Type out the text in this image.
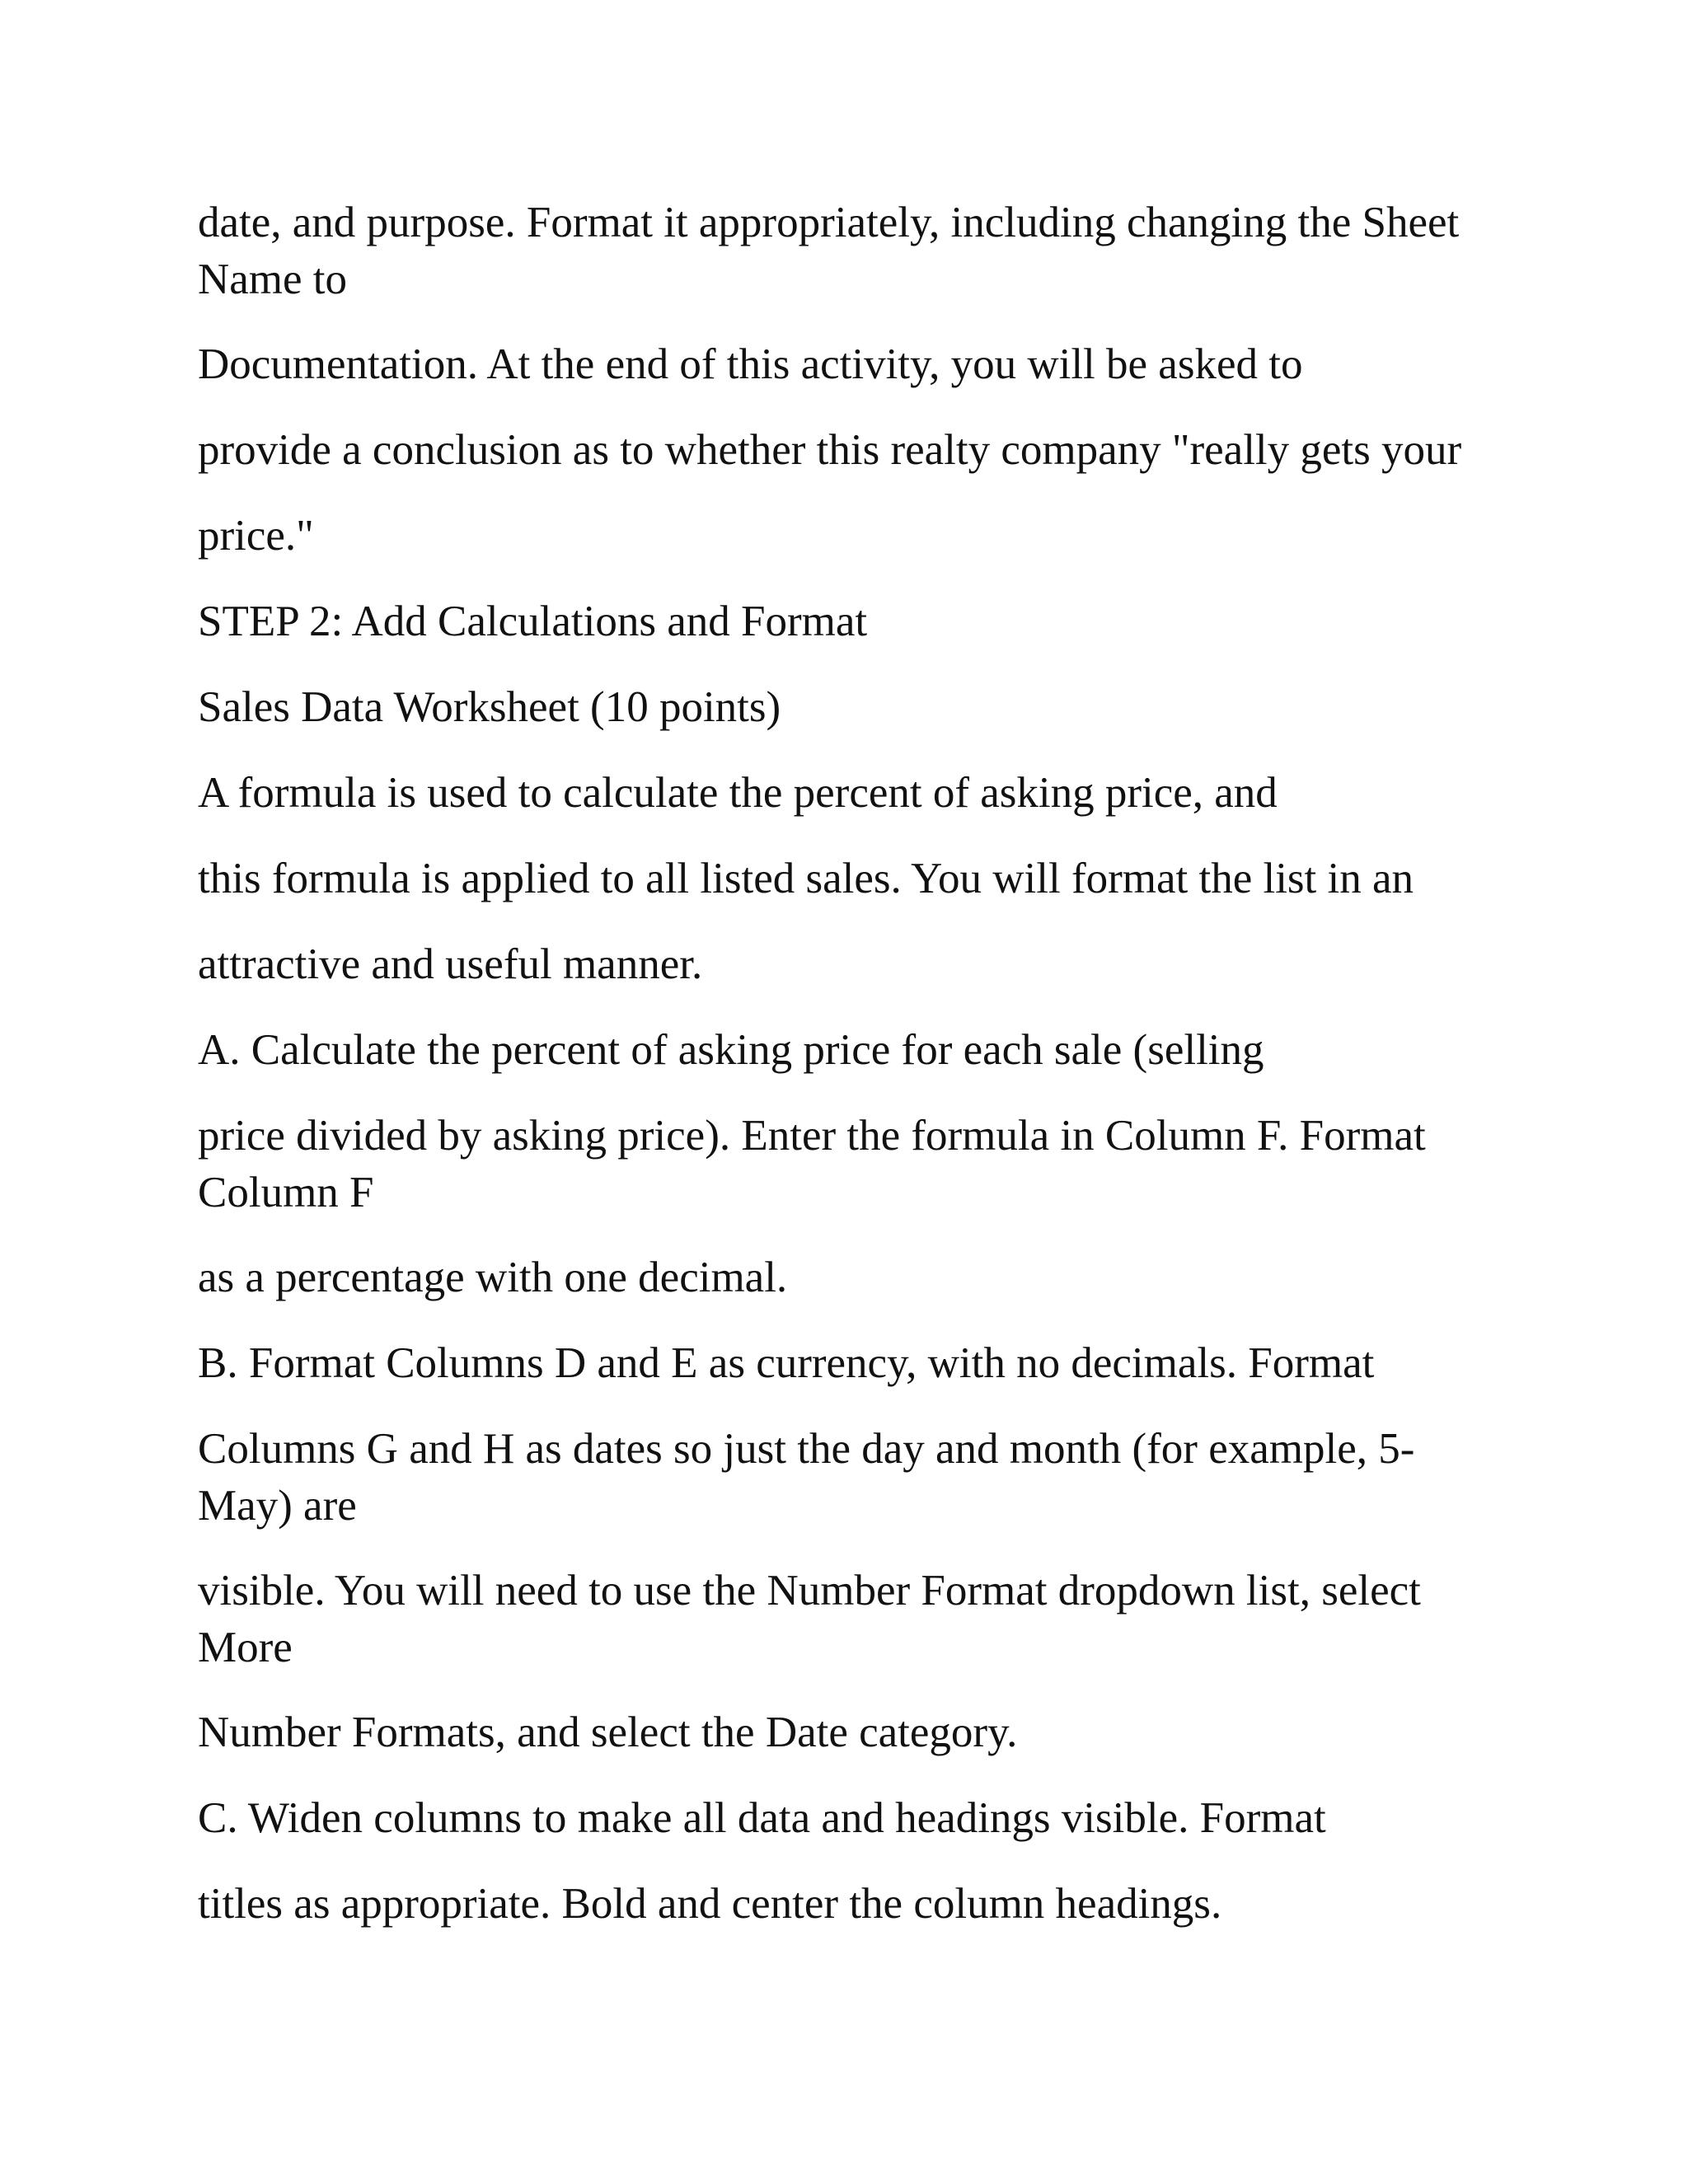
date, and purpose. Format it appropriately, including changing the Sheet
Name to

Documentation. At the end of this activity, you will be asked to

provide a conclusion as to whether this realty company "really gets your

price."

STEP 2: Add Calculations and Format

Sales Data Worksheet (10 points)

A formula is used to calculate the percent of asking price, and

this formula is applied to all listed sales. You will format the list in an

attractive and useful manner.

A. Calculate the percent of asking price for each sale (selling

price divided by asking price). Enter the formula in Column F. Format
Column F

as a percentage with one decimal.

B. Format Columns D and E as currency, with no decimals. Format

Columns G and H as dates so just the day and month (for example, 5-
May) are

visible. You will need to use the Number Format dropdown list, select
More

Number Formats, and select the Date category.

C. Widen columns to make all data and headings visible. Format

titles as appropriate. Bold and center the column headings.
